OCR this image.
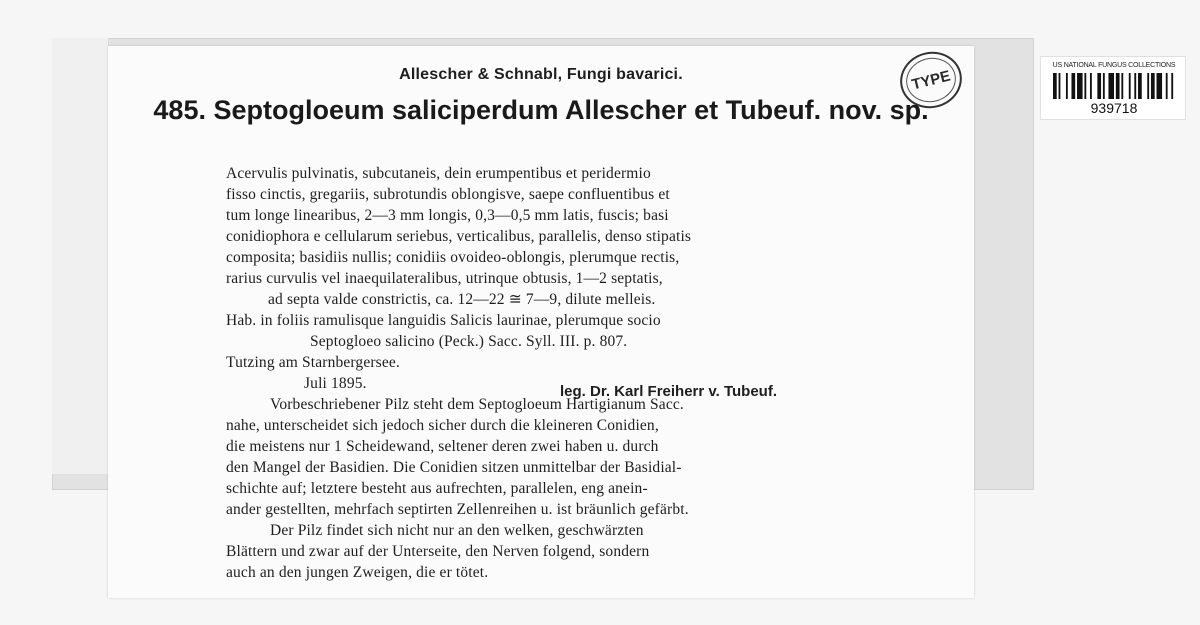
Allescher & Schnabl, Fungi bavarici.
485. Septogloeum saliciperdum Allescher et Tubeuf. nov. sp.
Acervulis pulvinatis, subcutaneis, dein erumpentibus et peridermio
fisso cinctis, gregariis, subrotundis oblongisve, saepe confluentibus et
tum longe linearibus, 2—3 mm longis, 0,3—0,5 mm latis, fuscis; basi
conidiophora e cellularum seriebus, verticalibus, parallelis, denso stipatis
composita; basidiis nullis; conidiis ovoideo-oblongis, plerumque rectis,
rarius curvulis vel inaequilateralibus, utrinque obtusis, 1—2 septatis,
ad septa valde constrictis, ca. 12—22 ≅ 7—9, dilute melleis.
Hab. in foliis ramulisque languidis Salicis laurinae, plerumque socio
Septogloeo salicino (Peck.) Sacc. Syll. III. p. 807.
Tutzing am Starnbergersee.
Juli 1895.
Vorbeschriebener Pilz steht dem Septogloeum Hartigianum Sacc.
nahe, unterscheidet sich jedoch sicher durch die kleineren Conidien,
die meistens nur 1 Scheidewand, seltener deren zwei haben u. durch
den Mangel der Basidien. Die Conidien sitzen unmittelbar der Basidial-
schichte auf; letztere besteht aus aufrechten, parallelen, eng anein-
ander gestellten, mehrfach septirten Zellenreihen u. ist bräunlich gefärbt.
Der Pilz findet sich nicht nur an den welken, geschwärzten
Blättern und zwar auf der Unterseite, den Nerven folgend, sondern
auch an den jungen Zweigen, die er tötet.
leg. Dr. Karl Freiherr v. Tubeuf.
TYPE
US NATIONAL FUNGUS COLLECTIONS
939718
